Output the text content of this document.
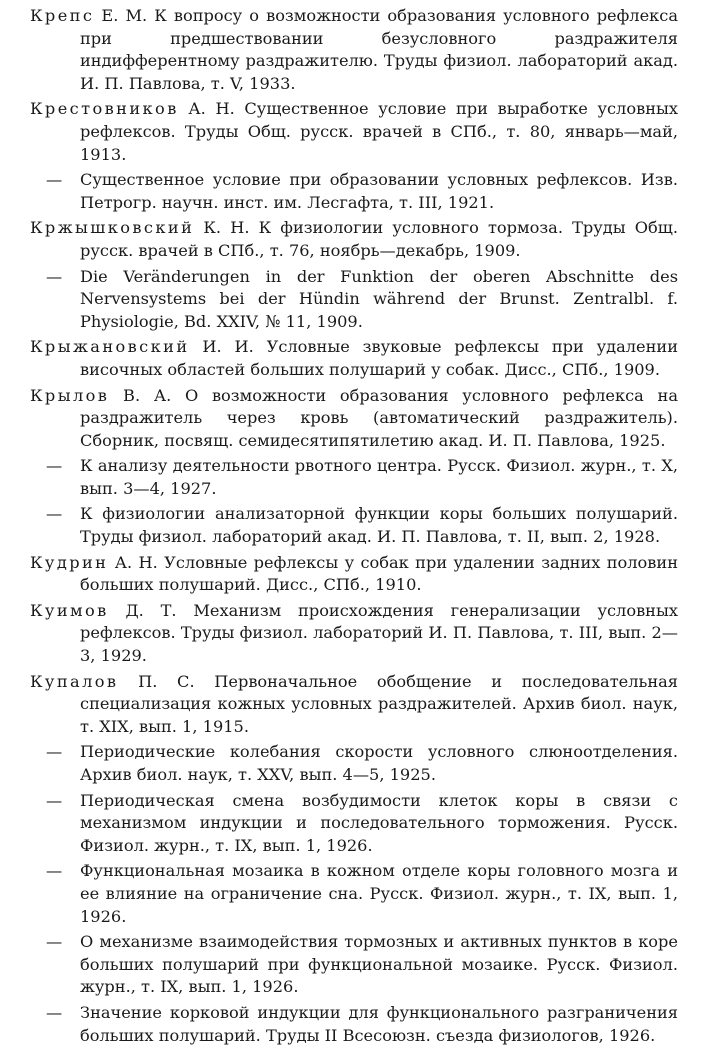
Крепс Е. М. К вопросу о возможности образования условного рефлекса при предшествовании безусловного раздражителя индифферентному раздражителю. Труды физиол. лабораторий акад. И. П. Павлова, т. V, 1933.
Крестовников А. Н. Существенное условие при выработке условных рефлексов. Труды Общ. русск. врачей в СПб., т. 80, январь—май, 1913.
— Существенное условие при образовании условных рефлексов. Изв. Петрогр. научн. инст. им. Лесгафта, т. III, 1921.
Кржышковский К. Н. К физиологии условного тормоза. Труды Общ. русск. врачей в СПб., т. 76, ноябрь—декабрь, 1909.
— Die Veränderungen in der Funktion der oberen Abschnitte des Nervensystems bei der Hündin während der Brunst. Zentralbl. f. Physiologie, Bd. XXIV, № 11, 1909.
Крыжановский И. И. Условные звуковые рефлексы при удалении височных областей больших полушарий у собак. Дисс., СПб., 1909.
Крылов В. А. О возможности образования условного рефлекса на раздражитель через кровь (автоматический раздражитель). Сборник, посвящ. семидесятипятилетию акад. И. П. Павлова, 1925.
— К анализу деятельности рвотного центра. Русск. Физиол. журн., т. X, вып. 3—4, 1927.
— К физиологии анализаторной функции коры больших полушарий. Труды физиол. лабораторий акад. И. П. Павлова, т. II, вып. 2, 1928.
Кудрин А. Н. Условные рефлексы у собак при удалении задних половин больших полушарий. Дисс., СПб., 1910.
Куимов Д. Т. Механизм происхождения генерализации условных рефлексов. Труды физиол. лабораторий И. П. Павлова, т. III, вып. 2—3, 1929.
Купалов П. С. Первоначальное обобщение и последовательная специализация кожных условных раздражителей. Архив биол. наук, т. XIX, вып. 1, 1915.
— Периодические колебания скорости условного слюноотделения. Архив биол. наук, т. XXV, вып. 4—5, 1925.
— Периодическая смена возбудимости клеток коры в связи с механизмом индукции и последовательного торможения. Русск. Физиол. журн., т. IX, вып. 1, 1926.
— Функциональная мозаика в кожном отделе коры головного мозга и ее влияние на ограничение сна. Русск. Физиол. журн., т. IX, вып. 1, 1926.
— О механизме взаимодействия тормозных и активных пунктов в коре больших полушарий при функциональной мозаике. Русск. Физиол. журн., т. IX, вып. 1, 1926.
— Значение корковой индукции для функционального разграничения больших полушарий. Труды II Всесоюзн. съезда физиологов, 1926.
